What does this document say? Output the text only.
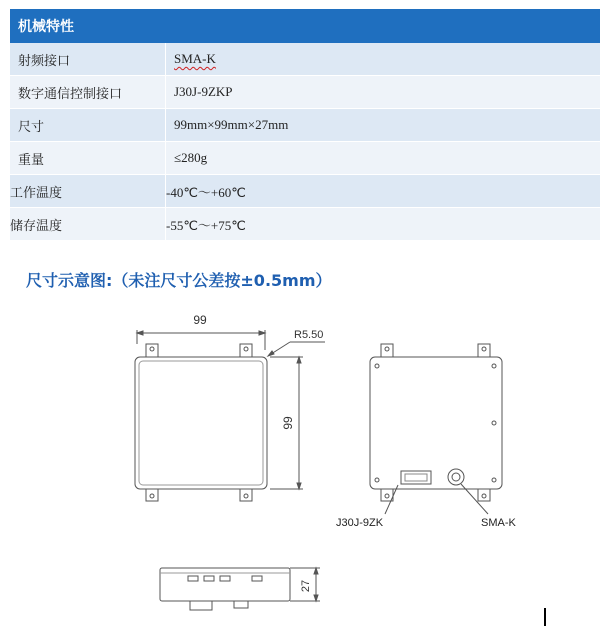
机械特性	
射频接口	SMA-K
数字通信控制接口	J30J-9ZKP
尺寸	99mm×99mm×27mm
重量	≤280g
工作温度	-40℃～+60℃
储存温度	-55℃～+75℃
尺寸示意图:（未注尺寸公差按±0.5mm）
99
R5.50
99
J30J-9ZK	SMA-K
27
